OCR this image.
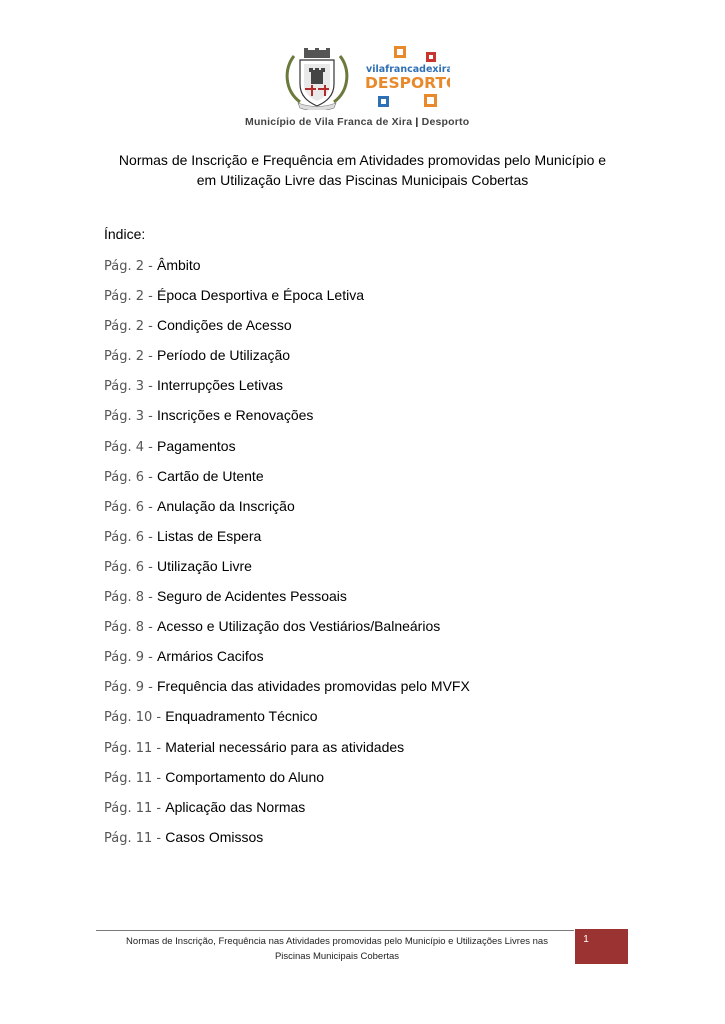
vilafrancadexira
DESPORTO
Município de Vila Franca de Xira | Desporto
Normas de Inscrição e Frequência em Atividades promovidas pelo Município e
em Utilização Livre das Piscinas Municipais Cobertas
Índice:
Pág. 2 - Âmbito
Pág. 2 - Época Desportiva e Época Letiva
Pág. 2 - Condições de Acesso
Pág. 2 - Período de Utilização
Pág. 3 - Interrupções Letivas
Pág. 3 - Inscrições e Renovações
Pág. 4 - Pagamentos
Pág. 6 - Cartão de Utente
Pág. 6 - Anulação da Inscrição
Pág. 6 - Listas de Espera
Pág. 6 - Utilização Livre
Pág. 8 - Seguro de Acidentes Pessoais
Pág. 8 - Acesso e Utilização dos Vestiários/Balneários
Pág. 9 - Armários Cacifos
Pág. 9 - Frequência das atividades promovidas pelo MVFX
Pág. 10 - Enquadramento Técnico
Pág. 11 - Material necessário para as atividades
Pág. 11 - Comportamento do Aluno
Pág. 11 - Aplicação das Normas
Pág. 11 - Casos Omissos
Normas de Inscrição, Frequência nas Atividades promovidas pelo Município e Utilizações Livres nas
Piscinas Municipais Cobertas
1
